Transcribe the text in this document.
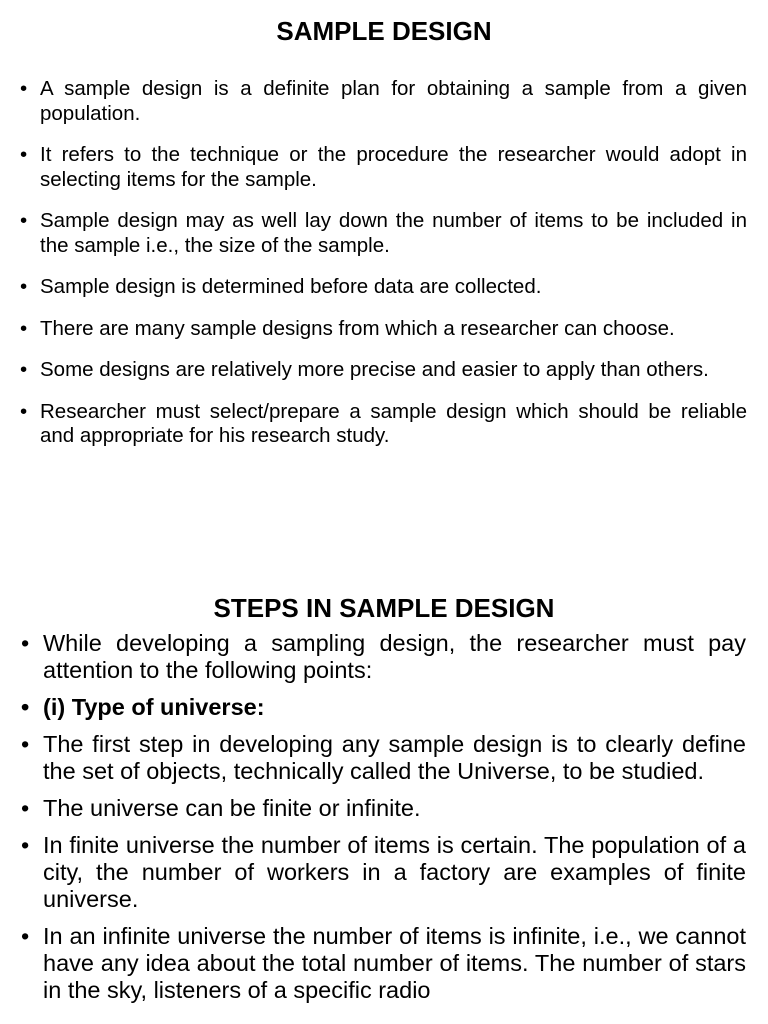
SAMPLE DESIGN
• A sample design is a definite plan for obtaining a sample from a given population.
• It refers to the technique or the procedure the researcher would adopt in selecting items for the sample.
• Sample design may as well lay down the number of items to be included in the sample i.e., the size of the sample.
• Sample design is determined before data are collected.
• There are many sample designs from which a researcher can choose.
• Some designs are relatively more precise and easier to apply than others.
• Researcher must select/prepare a sample design which should be reliable and appropriate for his research study.
STEPS IN SAMPLE DESIGN
• While developing a sampling design, the researcher must pay attention to the following points:
• (i) Type of universe:
• The first step in developing any sample design is to clearly define the set of objects, technically called the Universe, to be studied.
• The universe can be finite or infinite.
• In finite universe the number of items is certain. The population of a city, the number of workers in a factory are examples of finite universe.
• In an infinite universe the number of items is infinite, i.e., we cannot have any idea about the total number of items. The number of stars in the sky, listeners of a specific radio
